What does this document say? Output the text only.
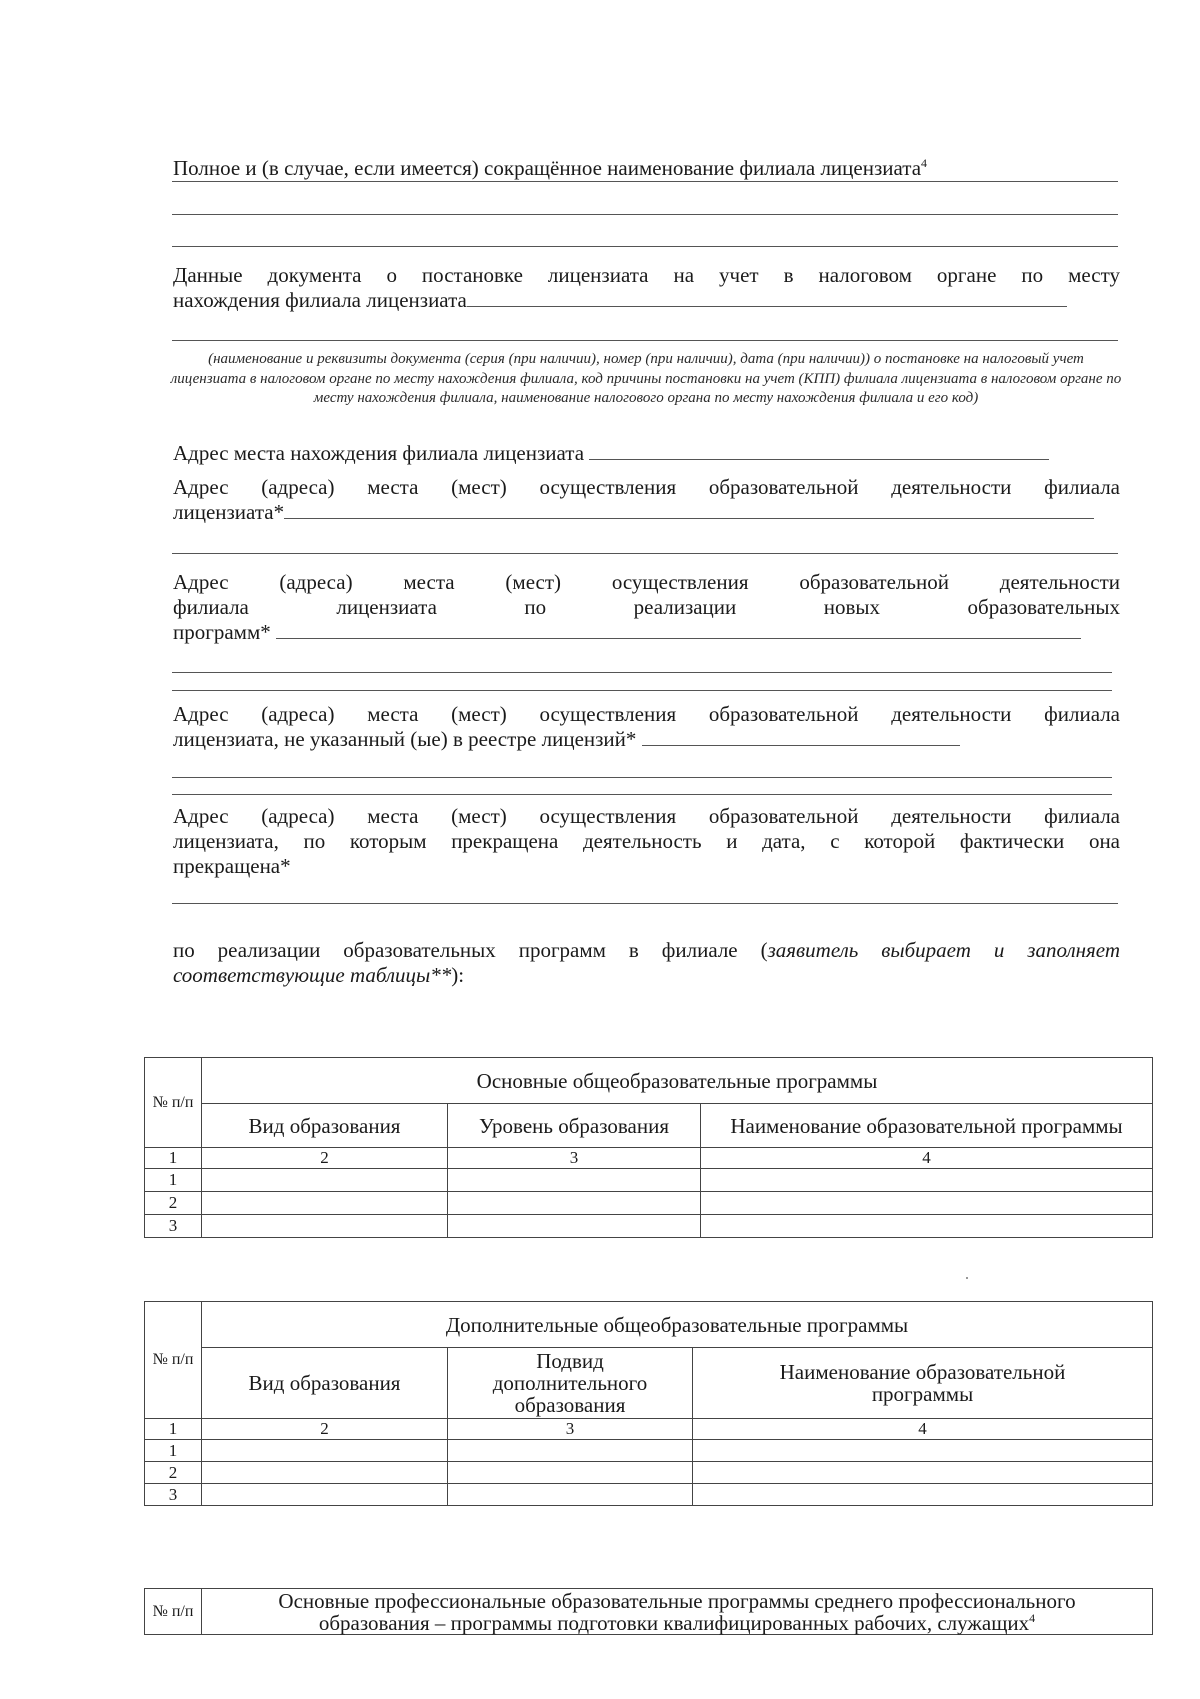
Полное и (в случае, если имеется) сокращённое наименование филиала лицензиата$^4$
Данные документа о постановке лицензиата на учет в налоговом органе по месту
нахождения филиала лицензиата
(наименование и реквизиты документа (серия (при наличии), номер (при наличии), дата (при наличии)) о постановке на налоговый учет лицензиата в налоговом органе по месту нахождения филиала, код причины постановки на учет (КПП) филиала лицензиата в налоговом органе по месту нахождения филиала, наименование налогового органа по месту нахождения филиала и его код)
Адрес места нахождения филиала лицензиата
Адрес (адреса) места (мест) осуществления образовательной деятельности филиала
лицензиата*
Адрес (адреса) места (мест) осуществления образовательной деятельности
филиала лицензиата по реализации новых образовательных
программ*
Адрес (адреса) места (мест) осуществления образовательной деятельности филиала
лицензиата, не указанный (ые) в реестре лицензий*
Адрес (адреса) места (мест) осуществления образовательной деятельности филиала
лицензиата, по которым прекращена деятельность и дата, с которой фактически она
прекращена*
по реализации образовательных программ в филиале (заявитель выбирает и заполняет
соответствующие таблицы**):
№ п/п	Основные общеобразовательные программы		
	Вид образования	Уровень образования	Наименование образовательной программы
1	2	3	4
1			
2			
3			
№ п/п	Дополнительные общеобразовательные программы		
	Вид образования	Подвид дополнительного образования	Наименование образовательной программы
1	2	3	4
1			
2			
3			
№ п/п	Основные профессиональные образовательные программы среднего профессионального
образования – программы подготовки квалифицированных рабочих, служащих$^4$
